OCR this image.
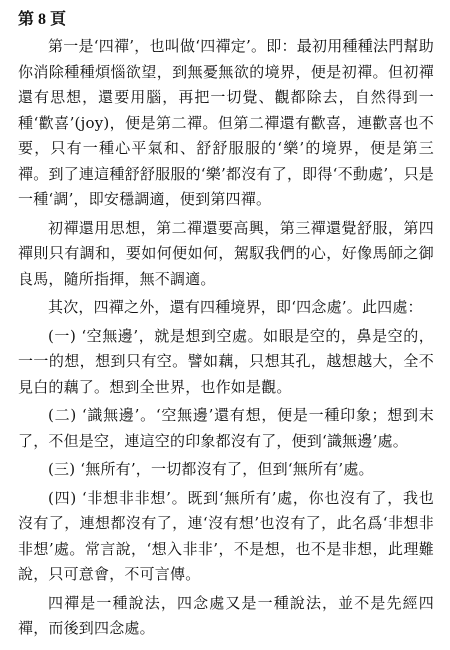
第 8 頁

第一是‘四禪’，也叫做‘四禪定’。即：最初用種種法門幫助你消除種種煩惱欲望，到無憂無欲的境界，便是初禪。但初禪還有思想，還要用腦，再把一切覺、觀都除去，自然得到一種‘歡喜’(joy)，便是第二禪。但第二禪還有歡喜，連歡喜也不要，只有一種心平氣和、舒舒服服的‘樂’的境界，便是第三禪。到了連這種舒舒服服的‘樂’都沒有了，即得‘不動處’，只是一種‘調’，即安穩調適，便到第四禪。

初禪還用思想，第二禪還要高興，第三禪還覺舒服，第四禪則只有調和，要如何便如何，駕馭我們的心，好像馬師之御良馬，隨所指揮，無不調適。

其次，四禪之外，還有四種境界，即‘四念處’。此四處：

(一) ‘空無邊’，就是想到空處。如眼是空的，鼻是空的，一一的想，想到只有空。譬如藕，只想其孔，越想越大，全不見白的藕了。想到全世界，也作如是觀。

(二) ‘識無邊’。‘空無邊’還有想，便是一種印象；想到末了，不但是空，連這空的印象都沒有了，便到‘識無邊’處。

(三) ‘無所有’，一切都沒有了，但到‘無所有’處。

(四) ‘非想非非想’。既到‘無所有’處，你也沒有了，我也沒有了，連想都沒有了，連‘沒有想’也沒有了，此名爲‘非想非非想’處。常言說，‘想入非非’，不是想，也不是非想，此理難說，只可意會，不可言傳。

四禪是一種說法，四念處又是一種說法，並不是先經四禪，而後到四念處。
